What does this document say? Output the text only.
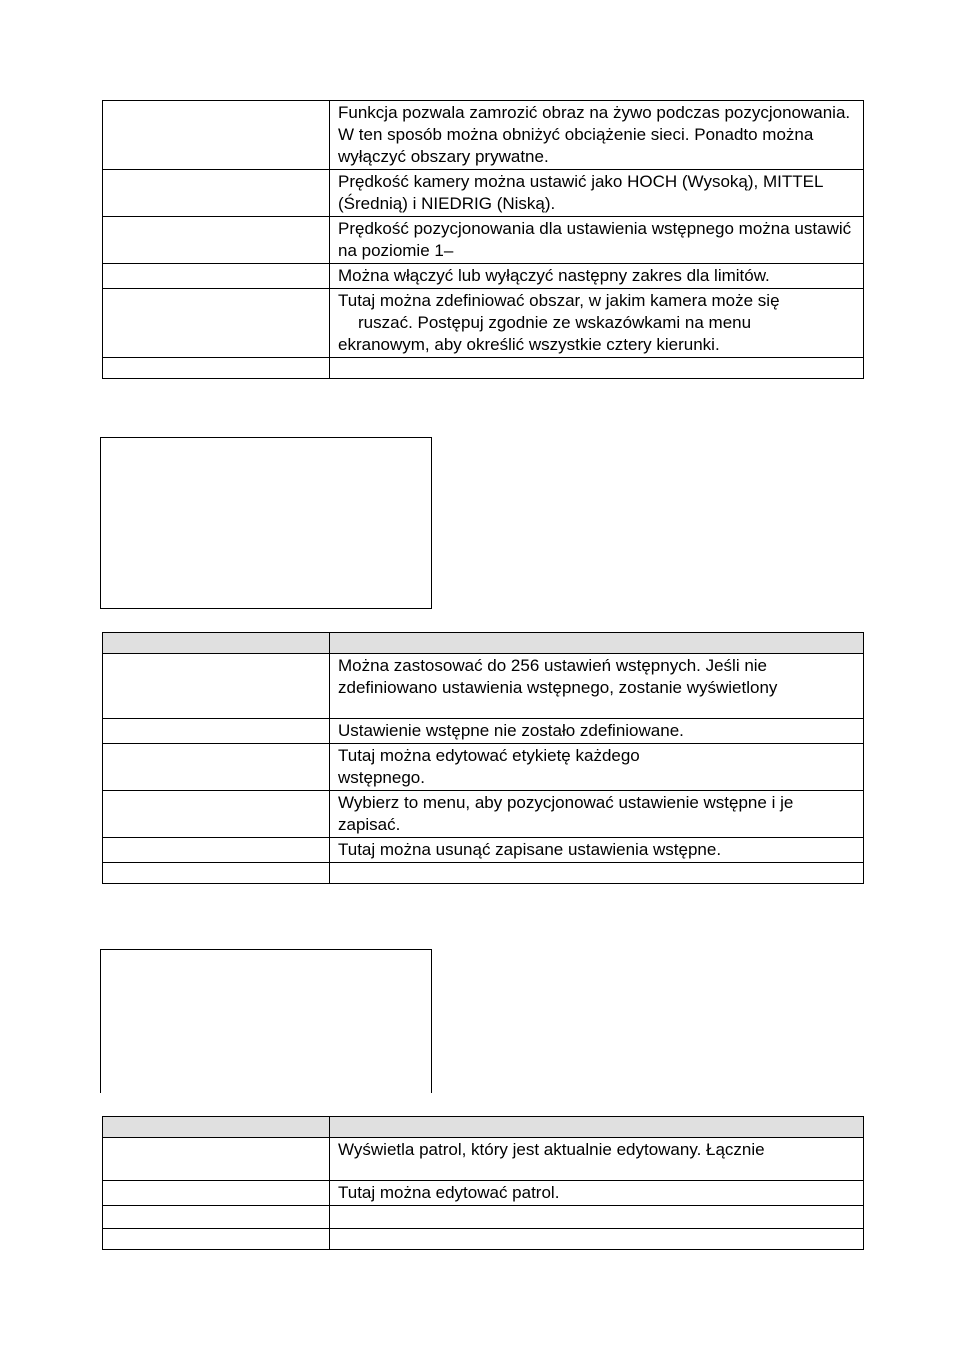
	Funkcja pozwala zamrozić obraz na żywo podczas pozycjonowania. W ten sposób można obniżyć obciążenie sieci. Ponadto można wyłączyć obszary prywatne.
	Prędkość kamery można ustawić jako HOCH (Wysoką), MITTEL (Średnią) i NIEDRIG (Niską).
	Prędkość pozycjonowania dla ustawienia wstępnego można ustawić na poziomie 1–
	Można włączyć lub wyłączyć następny zakres dla limitów.

	Tutaj można zdefiniować obszar, w jakim kamera może się
ruszać. Postępuj zgodnie ze wskazówkami na menu
ekranowym, aby określić wszystkie cztery kierunki.

	Można zastosować do 256 ustawień wstępnych. Jeśli nie
zdefiniowano ustawienia wstępnego, zostanie wyświetlony

	Ustawienie wstępne nie zostało zdefiniowane.

	Tutaj można edytować etykietę każdego
wstępnego.

	Wybierz to menu, aby pozycjonować ustawienie wstępne i je zapisać.
	Tutaj można usunąć zapisane ustawienia wstępne.

	Wyświetla patrol, który jest aktualnie edytowany. Łącznie
	Tutaj można edytować patrol.
